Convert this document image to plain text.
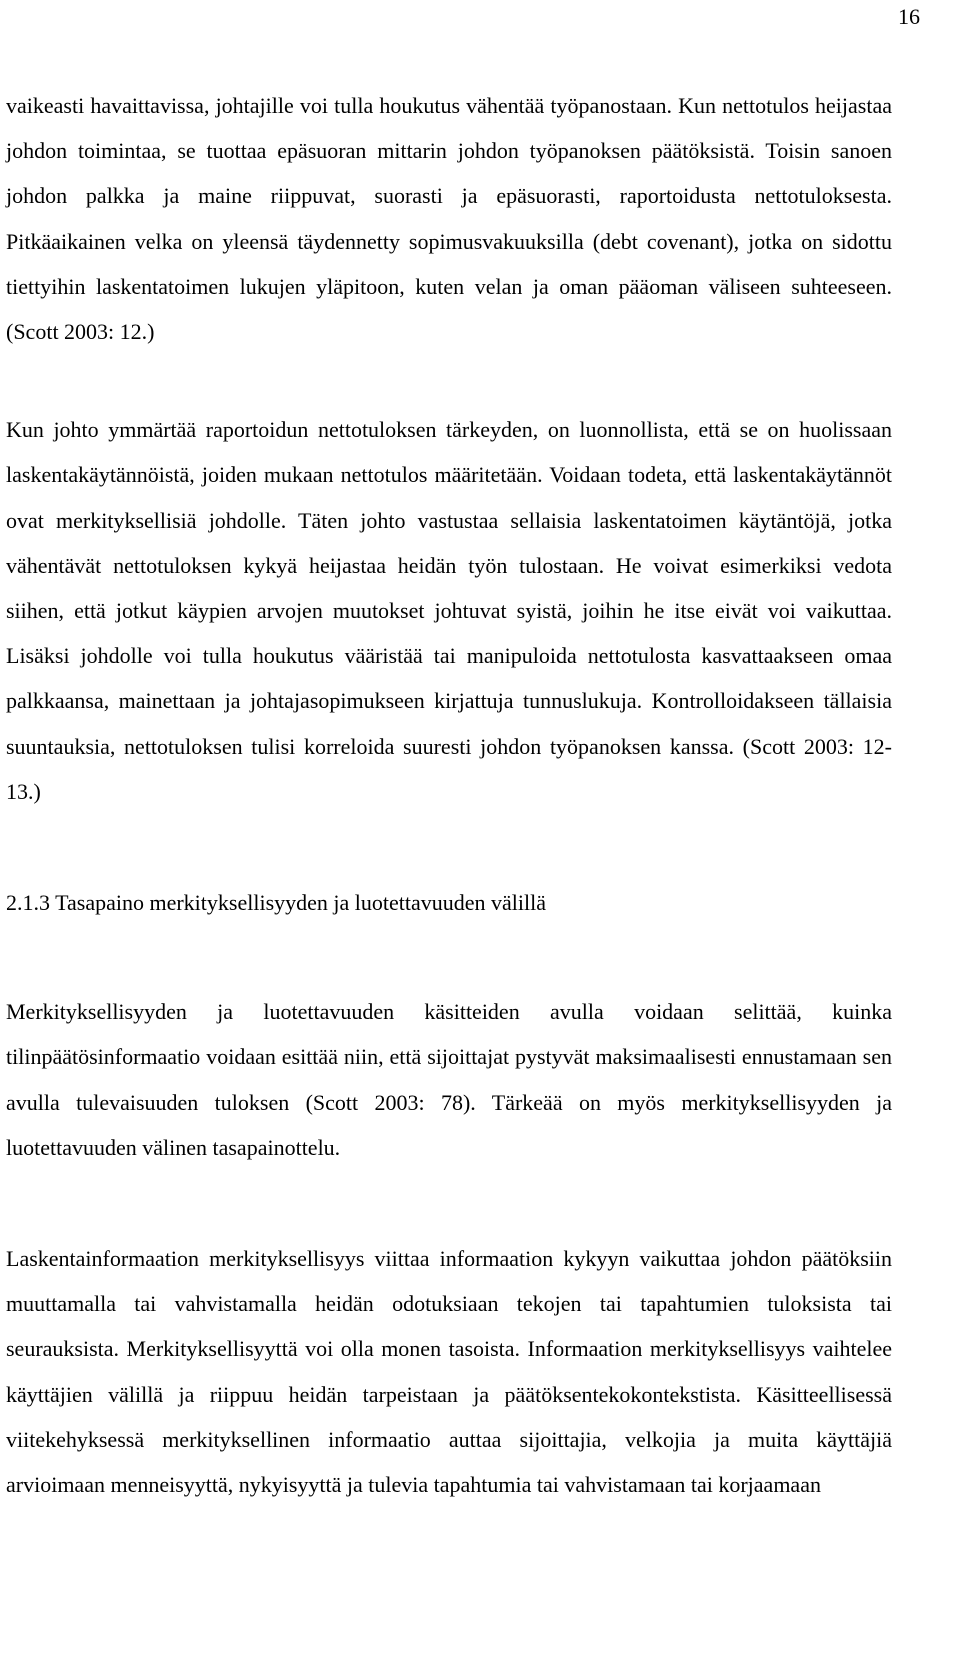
16

vaikeasti havaittavissa, johtajille voi tulla houkutus vähentää työpanostaan. Kun nettotulos heijastaa johdon toimintaa, se tuottaa epäsuoran mittarin johdon työpanoksen päätöksistä. Toisin sanoen johdon palkka ja maine riippuvat, suorasti ja epäsuorasti, raportoidusta nettotuloksesta. Pitkäaikainen velka on yleensä täydennetty sopimusvakuuksilla (debt covenant), jotka on sidottu tiettyihin laskentatoimen lukujen yläpitoon, kuten velan ja oman pääoman väliseen suhteeseen. (Scott 2003: 12.)

Kun johto ymmärtää raportoidun nettotuloksen tärkeyden, on luonnollista, että se on huolissaan laskentakäytännöistä, joiden mukaan nettotulos määritetään. Voidaan todeta, että laskentakäytännöt ovat merkityksellisiä johdolle. Täten johto vastustaa sellaisia laskentatoimen käytäntöjä, jotka vähentävät nettotuloksen kykyä heijastaa heidän työn tulostaan. He voivat esimerkiksi vedota siihen, että jotkut käypien arvojen muutokset johtuvat syistä, joihin he itse eivät voi vaikuttaa. Lisäksi johdolle voi tulla houkutus vääristää tai manipuloida nettotulosta kasvattaakseen omaa palkkaansa, mainettaan ja johtajasopimukseen kirjattuja tunnuslukuja. Kontrolloidakseen tällaisia suuntauksia, nettotuloksen tulisi korreloida suuresti johdon työpanoksen kanssa. (Scott 2003: 12-13.)

2.1.3 Tasapaino merkityksellisyyden ja luotettavuuden välillä

Merkityksellisyyden ja luotettavuuden käsitteiden avulla voidaan selittää, kuinka tilinpäätösinformaatio voidaan esittää niin, että sijoittajat pystyvät maksimaalisesti ennustamaan sen avulla tulevaisuuden tuloksen (Scott 2003: 78). Tärkeää on myös merkityksellisyyden ja luotettavuuden välinen tasapainottelu.

Laskentainformaation merkityksellisyys viittaa informaation kykyyn vaikuttaa johdon päätöksiin muuttamalla tai vahvistamalla heidän odotuksiaan tekojen tai tapahtumien tuloksista tai seurauksista. Merkityksellisyyttä voi olla monen tasoista. Informaation merkityksellisyys vaihtelee käyttäjien välillä ja riippuu heidän tarpeistaan ja päätöksentekokontekstista. Käsitteellisessä viitekehyksessä merkityksellinen informaatio auttaa sijoittajia, velkojia ja muita käyttäjiä arvioimaan menneisyyttä, nykyisyyttä ja tulevia tapahtumia tai vahvistamaan tai korjaamaan
